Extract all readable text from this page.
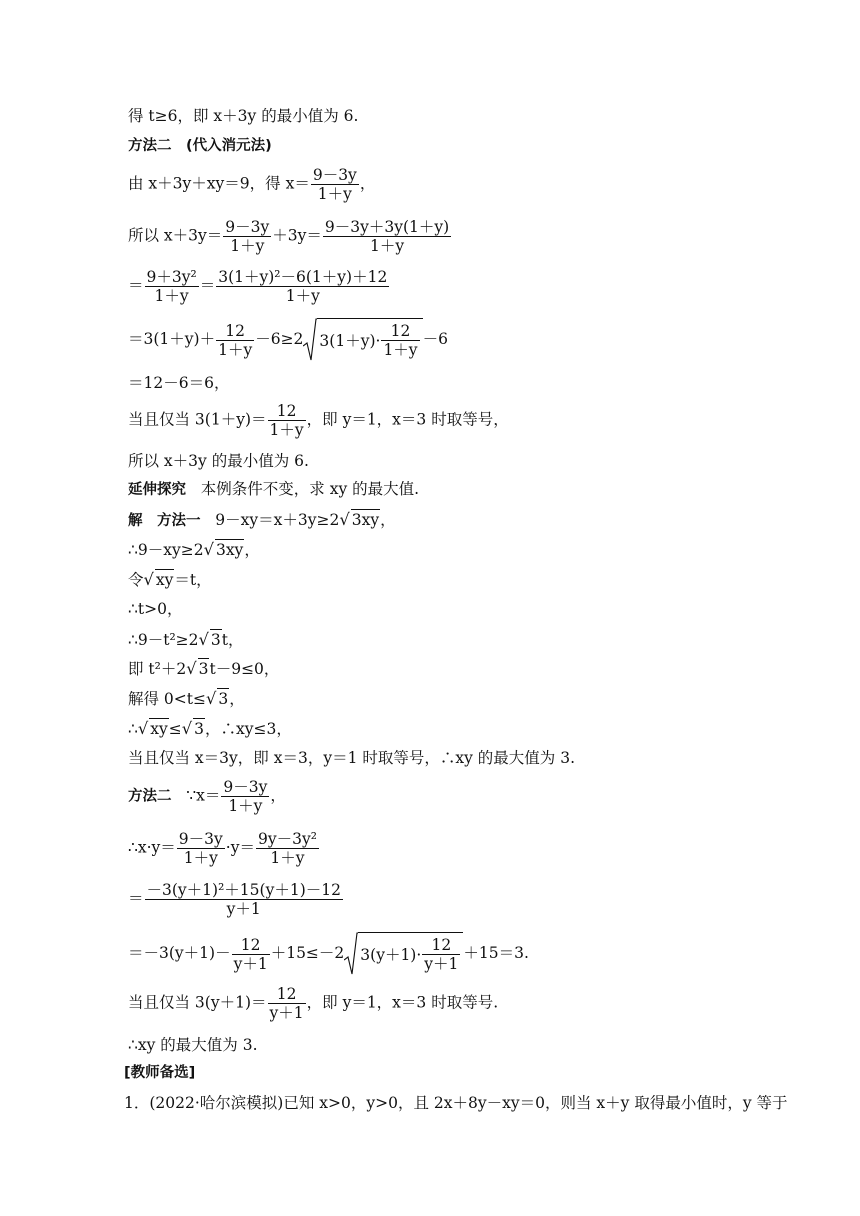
得 t≥6，即 x＋3y 的最小值为 6.
方法二　(代入消元法)
由 x＋3y＋xy＝9，得 $x= \frac{9-3y}{1+y}$ ，
所以 $x+3y= \frac{9-3y}{1+y} +3y= \frac{9-3y+3y(1+y)}{1+y}$
＝ $\frac{\text{9＋3y²}}{1+y} = \frac{\text{3(1＋y)²－6(1＋y)＋12}}{1+y}$
$=3(1+y)+ \frac{12}{1+y} -6\ge 2$ 3(1＋y)·
12
1＋y
－6
＝12－6＝6，
当且仅当 $3(1+y)= \frac{12}{1+y}$ ，即 y＝1，x＝3 时取等号，
所以 x＋3y 的最小值为 6.
延伸探究 本例条件不变，求 xy 的最大值.
解　方法一 9－xy＝x＋3y≥2√ 3xy，
∴9－xy≥2√ 3xy，
令√ xy＝t，
∴t>0，
∴9－t²≥2√ 3t，
即 t²＋2√ 3t－9≤0，
解得 0<t≤√ 3，
∴√ xy≤√ 3，∴xy≤3，
当且仅当 x＝3y，即 x＝3，y＝1 时取等号，∴xy 的最大值为 3.
方法二 ∵x＝ $\frac{9-3y}{1+y}$ ，
∴x·y＝ $\frac{9-3y}{1+y} \cdot y= \frac{\text{9y－3y²}}{1+y}$
＝ $\frac{\text{－3(y＋1)²＋15(y＋1)－12}}{y+1}$
$=-3(y+1)- \frac{12}{y+1} +15\le-2$ 3(y＋1)·
12
y＋1
＋15＝3.
当且仅当 $3(y+1)= \frac{12}{y+1}$ ，即 y＝1，x＝3 时取等号.
∴xy 的最大值为 3.
[教师备选]
1．(2022·哈尔滨模拟)已知 x>0，y>0，且 2x＋8y－xy＝0，则当 x＋y 取得最小值时，y 等于
